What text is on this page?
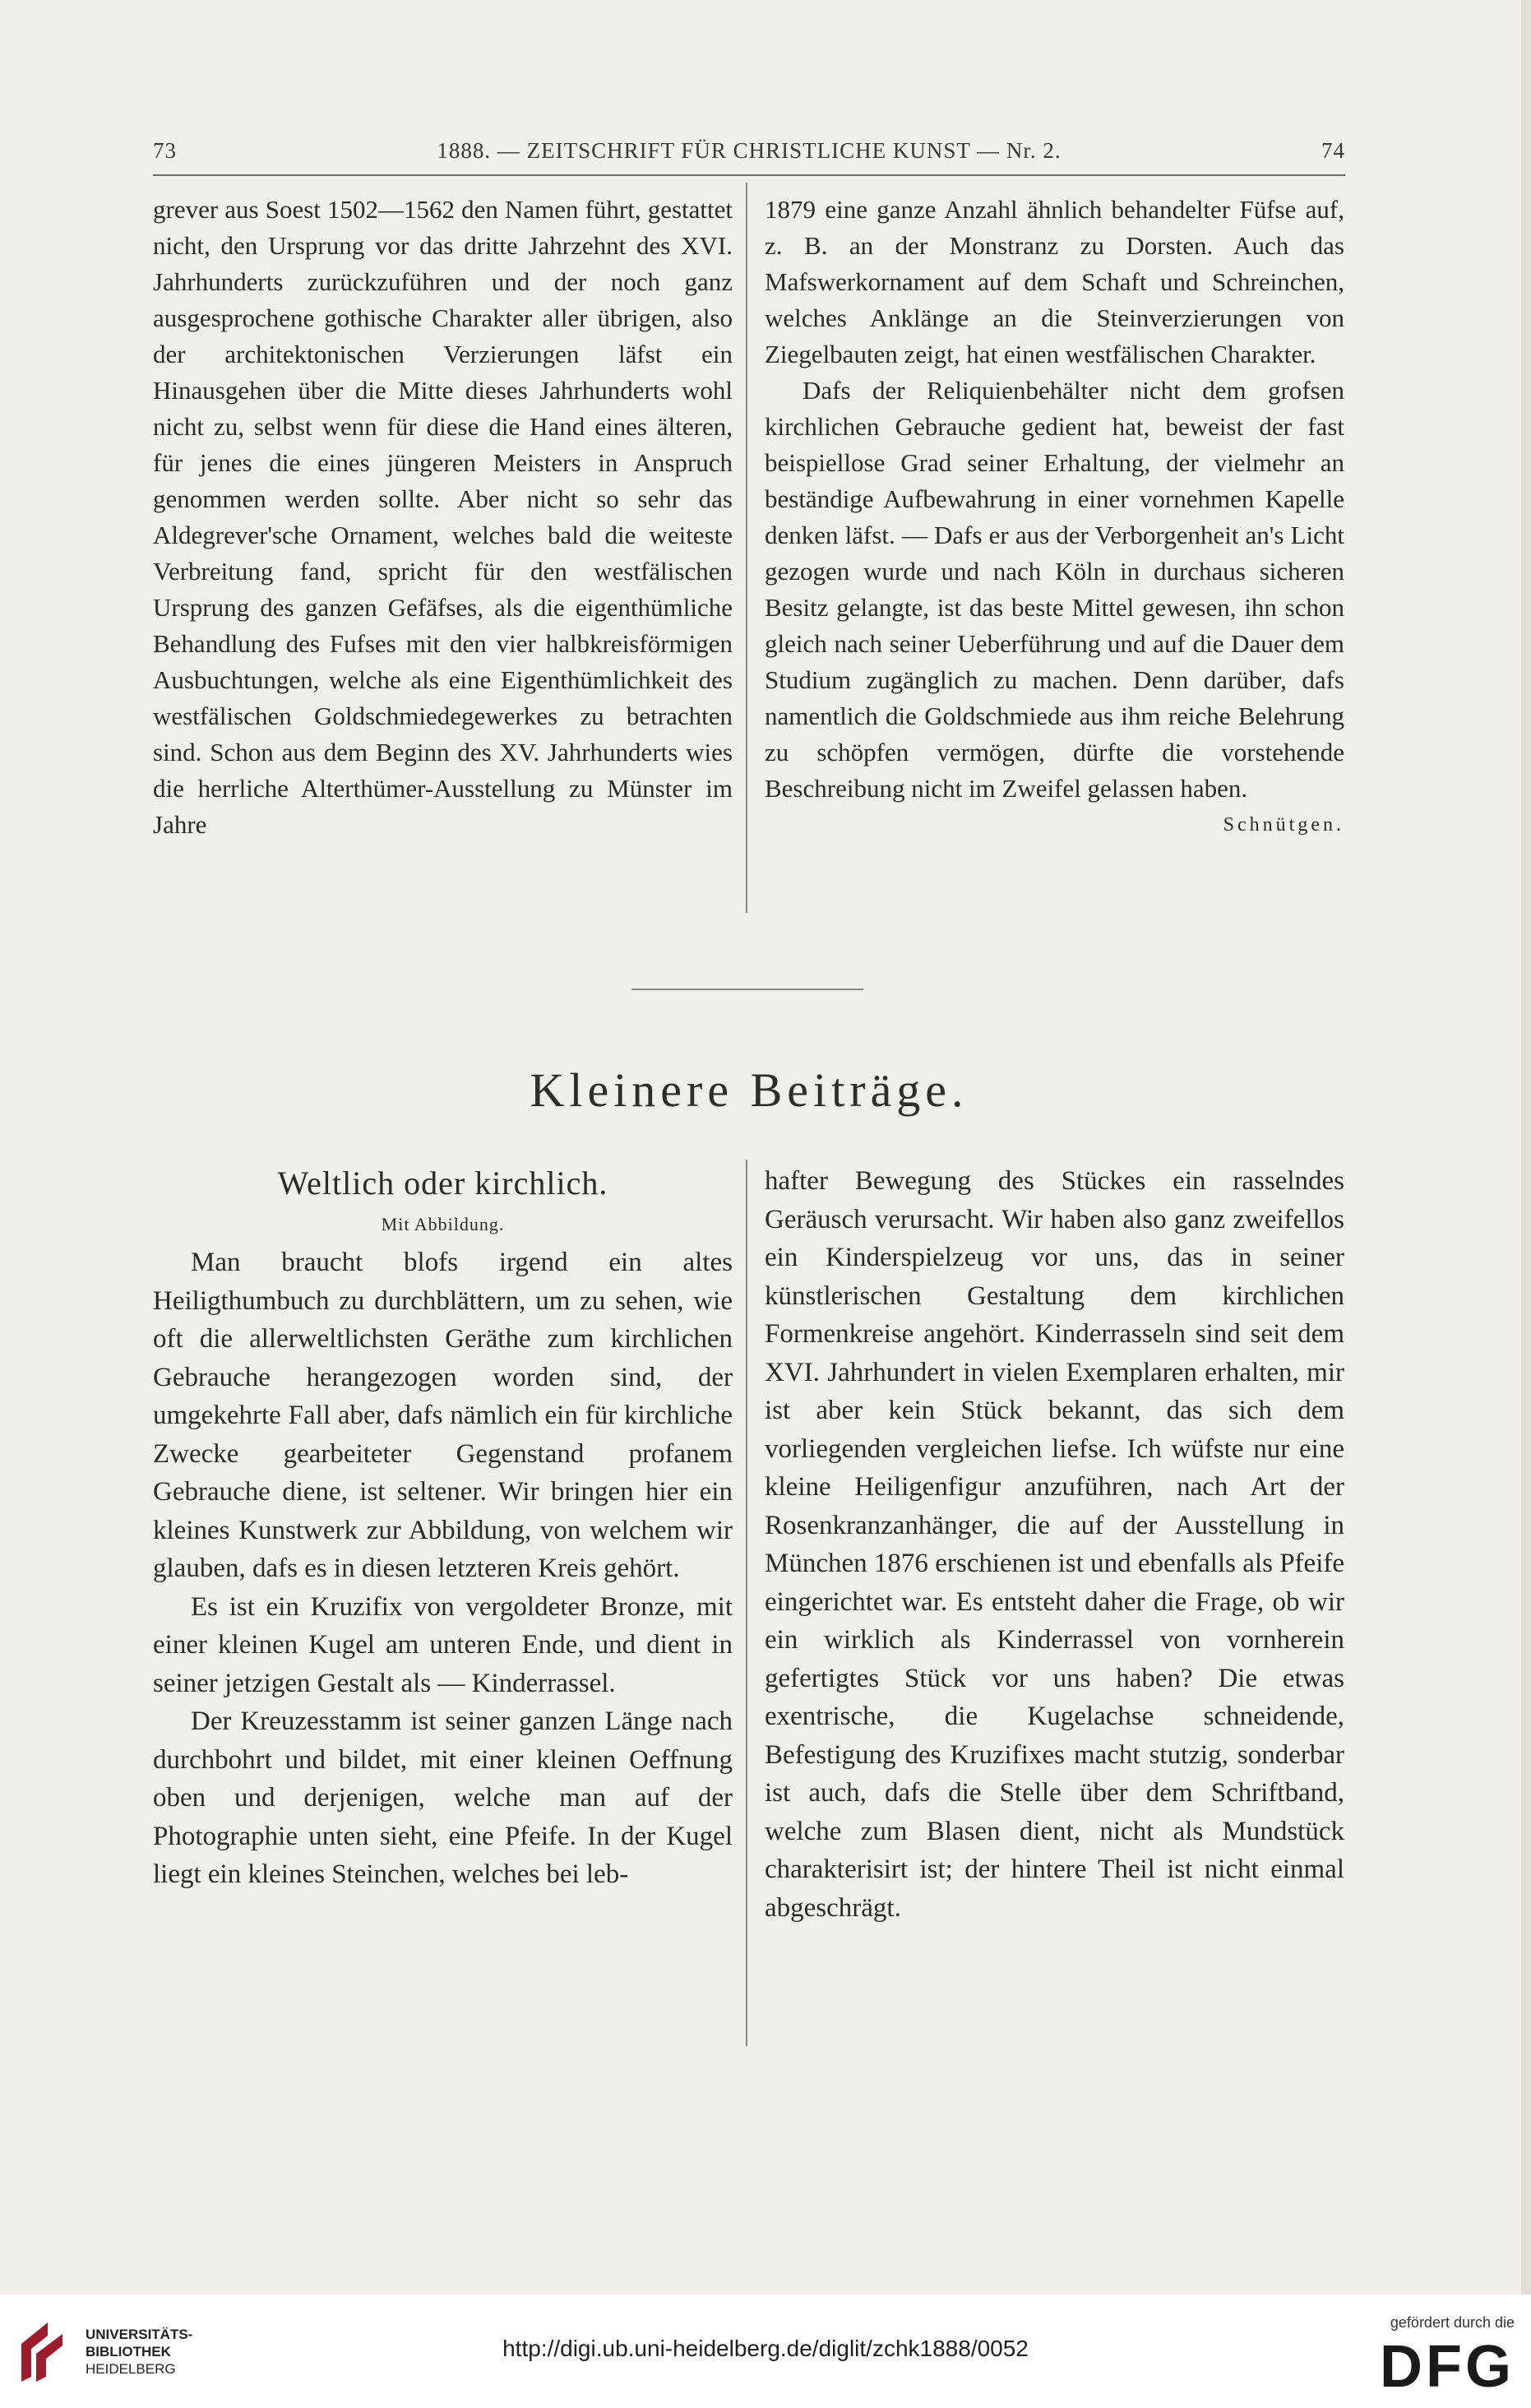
73	1888. — ZEITSCHRIFT FÜR CHRISTLICHE KUNST — Nr. 2.	74

grever aus Soest 1502—1562 den Namen führt, gestattet nicht, den Ursprung vor das dritte Jahrzehnt des XVI. Jahrhunderts zurückzuführen und der noch ganz ausgesprochene gothische Charakter aller übrigen, also der architektonischen Verzierungen läfst ein Hinausgehen über die Mitte dieses Jahrhunderts wohl nicht zu, selbst wenn für diese die Hand eines älteren, für jenes die eines jüngeren Meisters in Anspruch genommen werden sollte. Aber nicht so sehr das Aldegrever'sche Ornament, welches bald die weiteste Verbreitung fand, spricht für den westfälischen Ursprung des ganzen Gefäfses, als die eigenthümliche Behandlung des Fufses mit den vier halbkreisförmigen Ausbuchtungen, welche als eine Eigenthümlichkeit des westfälischen Goldschmiedegewerkes zu betrachten sind. Schon aus dem Beginn des XV. Jahrhunderts wies die herrliche Alterthümer-Ausstellung zu Münster im Jahre

1879 eine ganze Anzahl ähnlich behandelter Füfse auf, z. B. an der Monstranz zu Dorsten. Auch das Mafswerkornament auf dem Schaft und Schreinchen, welches Anklänge an die Steinverzierungen von Ziegelbauten zeigt, hat einen westfälischen Charakter.

Dafs der Reliquienbehälter nicht dem grofsen kirchlichen Gebrauche gedient hat, beweist der fast beispiellose Grad seiner Erhaltung, der vielmehr an beständige Aufbewahrung in einer vornehmen Kapelle denken läfst. — Dafs er aus der Verborgenheit an's Licht gezogen wurde und nach Köln in durchaus sicheren Besitz gelangte, ist das beste Mittel gewesen, ihn schon gleich nach seiner Ueberführung und auf die Dauer dem Studium zugänglich zu machen. Denn darüber, dafs namentlich die Goldschmiede aus ihm reiche Belehrung zu schöpfen vermögen, dürfte die vorstehende Beschreibung nicht im Zweifel gelassen haben.
Schnütgen.

Kleinere Beiträge.
Weltlich oder kirchlich.
Mit Abbildung.

Man braucht blofs irgend ein altes Heiligthumbuch zu durchblättern, um zu sehen, wie oft die allerweltlichsten Geräthe zum kirchlichen Gebrauche herangezogen worden sind, der umgekehrte Fall aber, dafs nämlich ein für kirchliche Zwecke gearbeiteter Gegenstand profanem Gebrauche diene, ist seltener. Wir bringen hier ein kleines Kunstwerk zur Abbildung, von welchem wir glauben, dafs es in diesen letzteren Kreis gehört.

Es ist ein Kruzifix von vergoldeter Bronze, mit einer kleinen Kugel am unteren Ende, und dient in seiner jetzigen Gestalt als — Kinderrassel.

Der Kreuzesstamm ist seiner ganzen Länge nach durchbohrt und bildet, mit einer kleinen Oeffnung oben und derjenigen, welche man auf der Photographie unten sieht, eine Pfeife. In der Kugel liegt ein kleines Steinchen, welches bei leb-

hafter Bewegung des Stückes ein rasselndes Geräusch verursacht. Wir haben also ganz zweifellos ein Kinderspielzeug vor uns, das in seiner künstlerischen Gestaltung dem kirchlichen Formenkreise angehört. Kinderrasseln sind seit dem XVI. Jahrhundert in vielen Exemplaren erhalten, mir ist aber kein Stück bekannt, das sich dem vorliegenden vergleichen liefse. Ich wüfste nur eine kleine Heiligenfigur anzuführen, nach Art der Rosenkranzanhänger, die auf der Ausstellung in München 1876 erschienen ist und ebenfalls als Pfeife eingerichtet war. Es entsteht daher die Frage, ob wir ein wirklich als Kinderrassel von vornherein gefertigtes Stück vor uns haben? Die etwas exentrische, die Kugelachse schneidende, Befestigung des Kruzifixes macht stutzig, sonderbar ist auch, dafs die Stelle über dem Schriftband, welche zum Blasen dient, nicht als Mundstück charakterisirt ist; der hintere Theil ist nicht einmal abgeschrägt.

UNIVERSITÄTS-
BIBLIOTHEK
HEIDELBERG
http://digi.ub.uni-heidelberg.de/diglit/zchk1888/0052
gefördert durch die
DFG
